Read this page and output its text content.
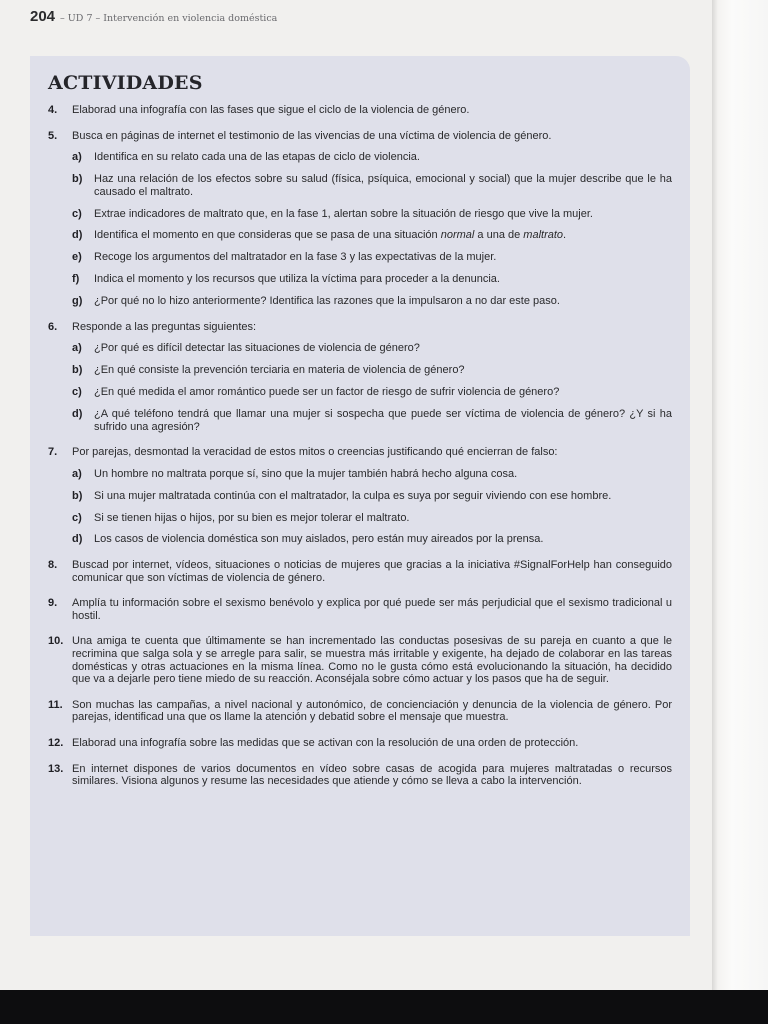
204 – UD 7 – Intervención en violencia doméstica
ACTIVIDADES
4. Elaborad una infografía con las fases que sigue el ciclo de la violencia de género.
5. Busca en páginas de internet el testimonio de las vivencias de una víctima de violencia de género.
a) Identifica en su relato cada una de las etapas de ciclo de violencia.
b) Haz una relación de los efectos sobre su salud (física, psíquica, emocional y social) que la mujer describe que le ha causado el maltrato.
c) Extrae indicadores de maltrato que, en la fase 1, alertan sobre la situación de riesgo que vive la mujer.
d) Identifica el momento en que consideras que se pasa de una situación normal a una de maltrato.
e) Recoge los argumentos del maltratador en la fase 3 y las expectativas de la mujer.
f) Indica el momento y los recursos que utiliza la víctima para proceder a la denuncia.
g) ¿Por qué no lo hizo anteriormente? Identifica las razones que la impulsaron a no dar este paso.
6. Responde a las preguntas siguientes:
a) ¿Por qué es difícil detectar las situaciones de violencia de género?
b) ¿En qué consiste la prevención terciaria en materia de violencia de género?
c) ¿En qué medida el amor romántico puede ser un factor de riesgo de sufrir violencia de género?
d) ¿A qué teléfono tendrá que llamar una mujer si sospecha que puede ser víctima de violencia de género? ¿Y si ha sufrido una agresión?
7. Por parejas, desmontad la veracidad de estos mitos o creencias justificando qué encierran de falso:
a) Un hombre no maltrata porque sí, sino que la mujer también habrá hecho alguna cosa.
b) Si una mujer maltratada continúa con el maltratador, la culpa es suya por seguir viviendo con ese hombre.
c) Si se tienen hijas o hijos, por su bien es mejor tolerar el maltrato.
d) Los casos de violencia doméstica son muy aislados, pero están muy aireados por la prensa.
8. Buscad por internet, vídeos, situaciones o noticias de mujeres que gracias a la iniciativa #SignalForHelp han conseguido comunicar que son víctimas de violencia de género.
9. Amplía tu información sobre el sexismo benévolo y explica por qué puede ser más perjudicial que el sexismo tradicional u hostil.
10. Una amiga te cuenta que últimamente se han incrementado las conductas posesivas de su pareja en cuanto a que le recrimina que salga sola y se arregle para salir, se muestra más irritable y exigente, ha dejado de colaborar en las tareas domésticas y otras actuaciones en la misma línea. Como no le gusta cómo está evolucionando la situación, ha decidido que va a dejarle pero tiene miedo de su reacción. Aconséjala sobre cómo actuar y los pasos que ha de seguir.
11. Son muchas las campañas, a nivel nacional y autonómico, de concienciación y denuncia de la violencia de género. Por parejas, identificad una que os llame la atención y debatid sobre el mensaje que muestra.
12. Elaborad una infografía sobre las medidas que se activan con la resolución de una orden de protección.
13. En internet dispones de varios documentos en vídeo sobre casas de acogida para mujeres maltratadas o recursos similares. Visiona algunos y resume las necesidades que atiende y cómo se lleva a cabo la intervención.
